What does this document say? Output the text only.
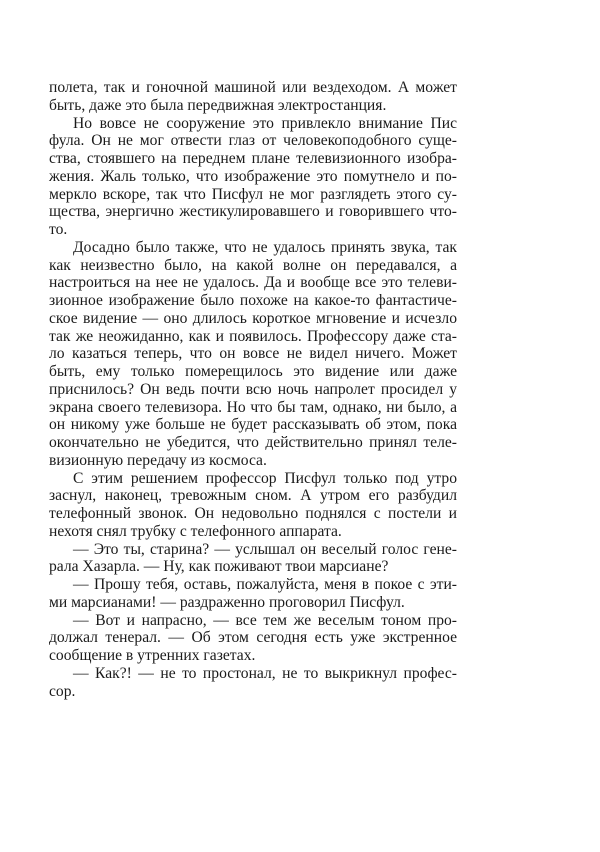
полета, так и гоночной машиной или вездеходом. А может
быть, даже это была передвижная электростанция.
Но вовсе не сооружение это привлекло внимание Пис
фула. Он не мог отвести глаз от человекоподобного суще-
ства, стоявшего на переднем плане телевизионного изобра-
жения. Жаль только, что изображение это помутнело и по-
меркло вскоре, так что Писфул не мог разглядеть этого су-
щества, энергично жестикулировавшего и говорившего что-
то.
Досадно было также, что не удалось принять звука, так
как неизвестно было, на какой волне он передавался, а
настроиться на нее не удалось. Да и вообще все это телеви-
зионное изображение было похоже на какое-то фантастиче-
ское видение — оно длилось короткое мгновение и исчезло
так же неожиданно, как и появилось. Профессору даже ста-
ло казаться теперь, что он вовсе не видел ничего. Может
быть, ему только померещилось это видение или даже
приснилось? Он ведь почти всю ночь напролет просидел у
экрана своего телевизора. Но что бы там, однако, ни было, а
он никому уже больше не будет рассказывать об этом, пока
окончательно не убедится, что действительно принял теле-
визионную передачу из космоса.
С этим решением профессор Писфул только под утро
заснул, наконец, тревожным сном. А утром его разбудил
телефонный звонок. Он недовольно поднялся с постели и
нехотя снял трубку с телефонного аппарата.
— Это ты, старина? — услышал он веселый голос гене-
рала Хазарла. — Ну, как поживают твои марсиане?
— Прошу тебя, оставь, пожалуйста, меня в покое с эти-
ми марсианами! — раздраженно проговорил Писфул.
— Вот и напрасно, — все тем же веселым тоном про-
должал тенерал. — Об этом сегодня есть уже экстренное
сообщение в утренних газетах.
— Как?! — не то простонал, не то выкрикнул профес-
сор.
